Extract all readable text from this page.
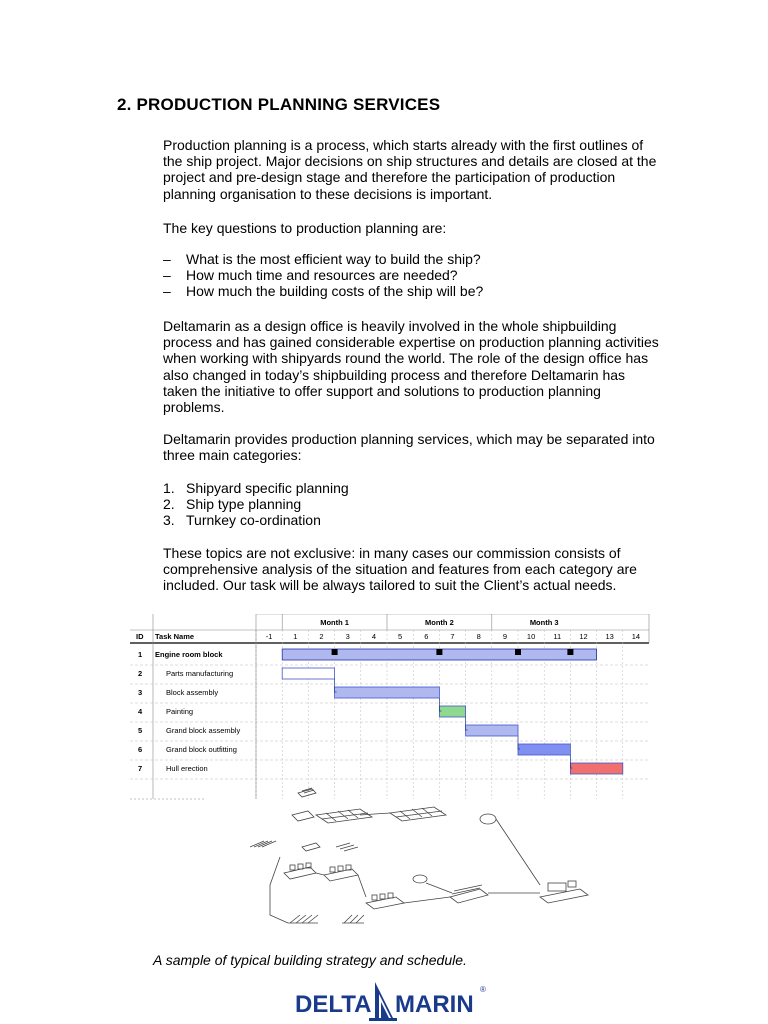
2. PRODUCTION PLANNING SERVICES
Production planning is a process, which starts already with the first outlines of the ship project. Major decisions on ship structures and details are closed at the project and pre-design stage and therefore the participation of production planning organisation to these decisions is important.
The key questions to production planning are:
– What is the most efficient way to build the ship?
– How much time and resources are needed?
– How much the building costs of the ship will be?
Deltamarin as a design office is heavily involved in the whole shipbuilding process and has gained considerable expertise on production planning activities when working with shipyards round the world. The role of the design office has also changed in today’s shipbuilding process and therefore Deltamarin has taken the initiative to offer support and solutions to production planning problems.
Deltamarin provides production planning services, which may be separated into three main categories:
1. Shipyard specific planning
2. Ship type planning
3. Turnkey co-ordination
These topics are not exclusive: in many cases our commission consists of comprehensive analysis of the situation and features from each category are included. Our task will be always tailored to suit the Client’s actual needs.
Month 1	Month 2	Month 3
ID Task Name	-1	1	2	3	4	5	6	7	8	9	10 11 12 13 14
1 Engine room block
2	Parts manufacturing
3	Block assembly
4	Painting
5	Grand block assembly
6	Grand block outfitting
7	Hull erection
A sample of typical building strategy and schedule.
DELTA MARIN
®
